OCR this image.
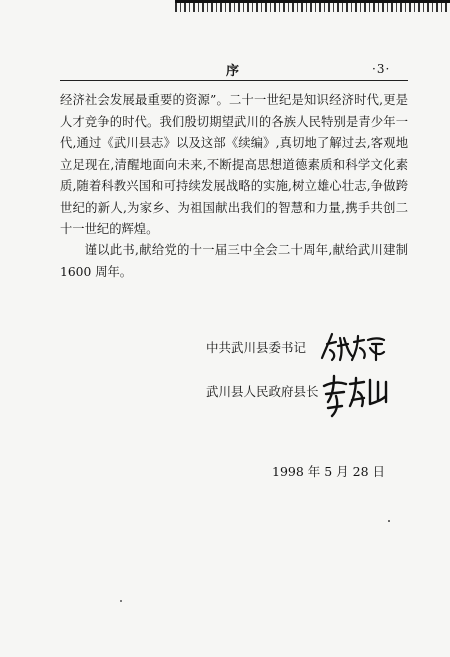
序	·3·
经济社会发展最重要的资源”。二十一世纪是知识经济时代,更是人才竞争的时代。我们殷切期望武川的各族人民特别是青少年一代,通过《武川县志》以及这部《续编》,真切地了解过去,客观地立足现在,清醒地面向未来,不断提高思想道德素质和科学文化素质,随着科教兴国和可持续发展战略的实施,树立雄心壮志,争做跨世纪的新人,为家乡、为祖国献出我们的智慧和力量,携手共创二十一世纪的辉煌。
谨以此书,献给党的十一届三中全会二十周年,献给武川建制 1600 周年。
中共武川县委书记
武川县人民政府县长
1998 年 5 月 28 日
